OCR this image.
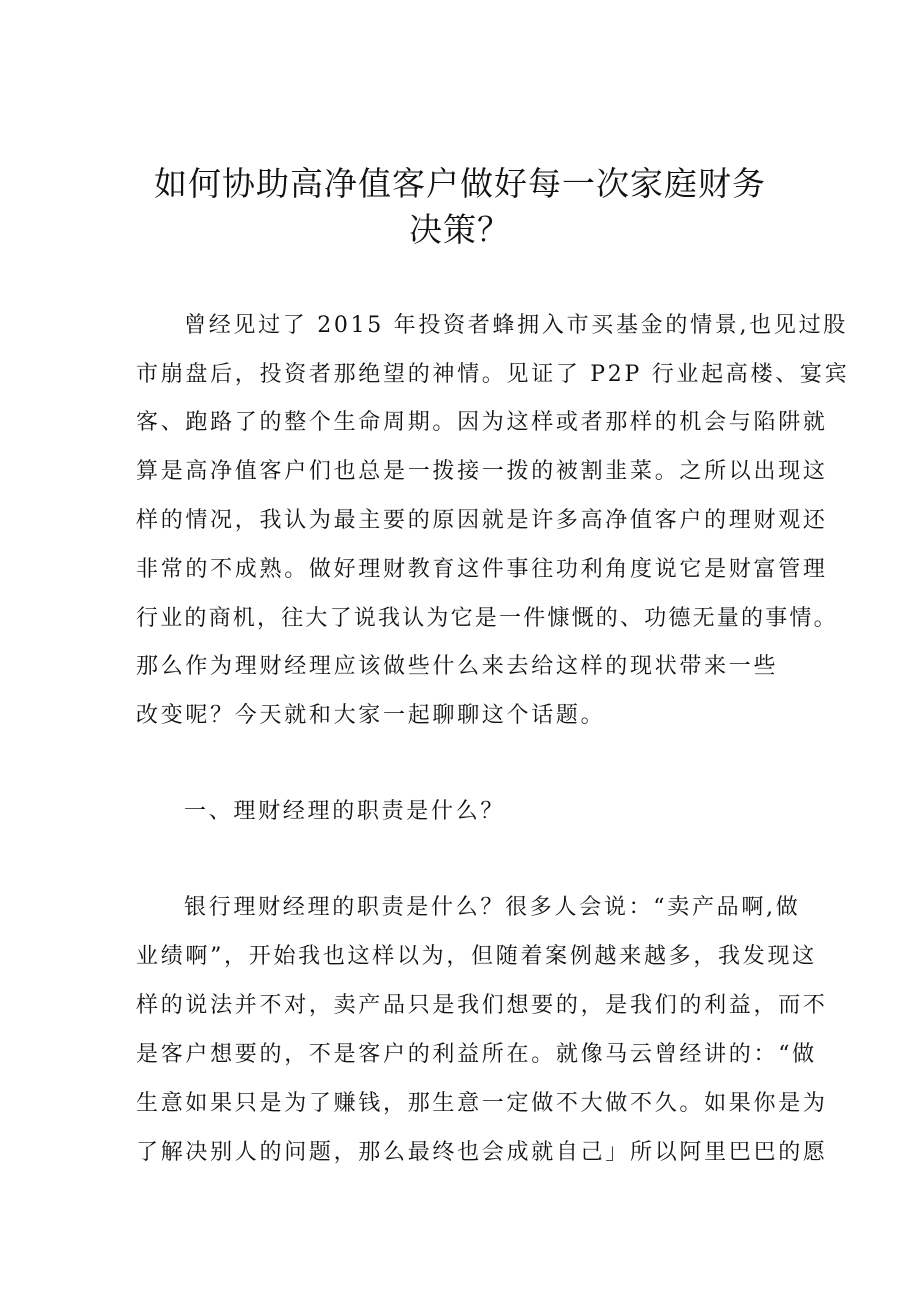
如何协助高净值客户做好每一次家庭财务
决策？
曾经见过了 2015 年投资者蜂拥入市买基金的情景,也见过股
市崩盘后，投资者那绝望的神情。见证了 P2P 行业起高楼、宴宾
客、跑路了的整个生命周期。因为这样或者那样的机会与陷阱就
算是高净值客户们也总是一拨接一拨的被割韭菜。之所以出现这
样的情况，我认为最主要的原因就是许多高净值客户的理财观还
非常的不成熟。做好理财教育这件事往功利角度说它是财富管理
行业的商机，往大了说我认为它是一件慷慨的、功德无量的事情。
那么作为理财经理应该做些什么来去给这样的现状带来一些
改变呢？今天就和大家一起聊聊这个话题。
一、理财经理的职责是什么？
银行理财经理的职责是什么？很多人会说：“卖产品啊,做
业绩啊”，开始我也这样以为，但随着案例越来越多，我发现这
样的说法并不对，卖产品只是我们想要的，是我们的利益，而不
是客户想要的，不是客户的利益所在。就像马云曾经讲的：“做
生意如果只是为了赚钱，那生意一定做不大做不久。如果你是为
了解决别人的问题，那么最终也会成就自己」所以阿里巴巴的愿
